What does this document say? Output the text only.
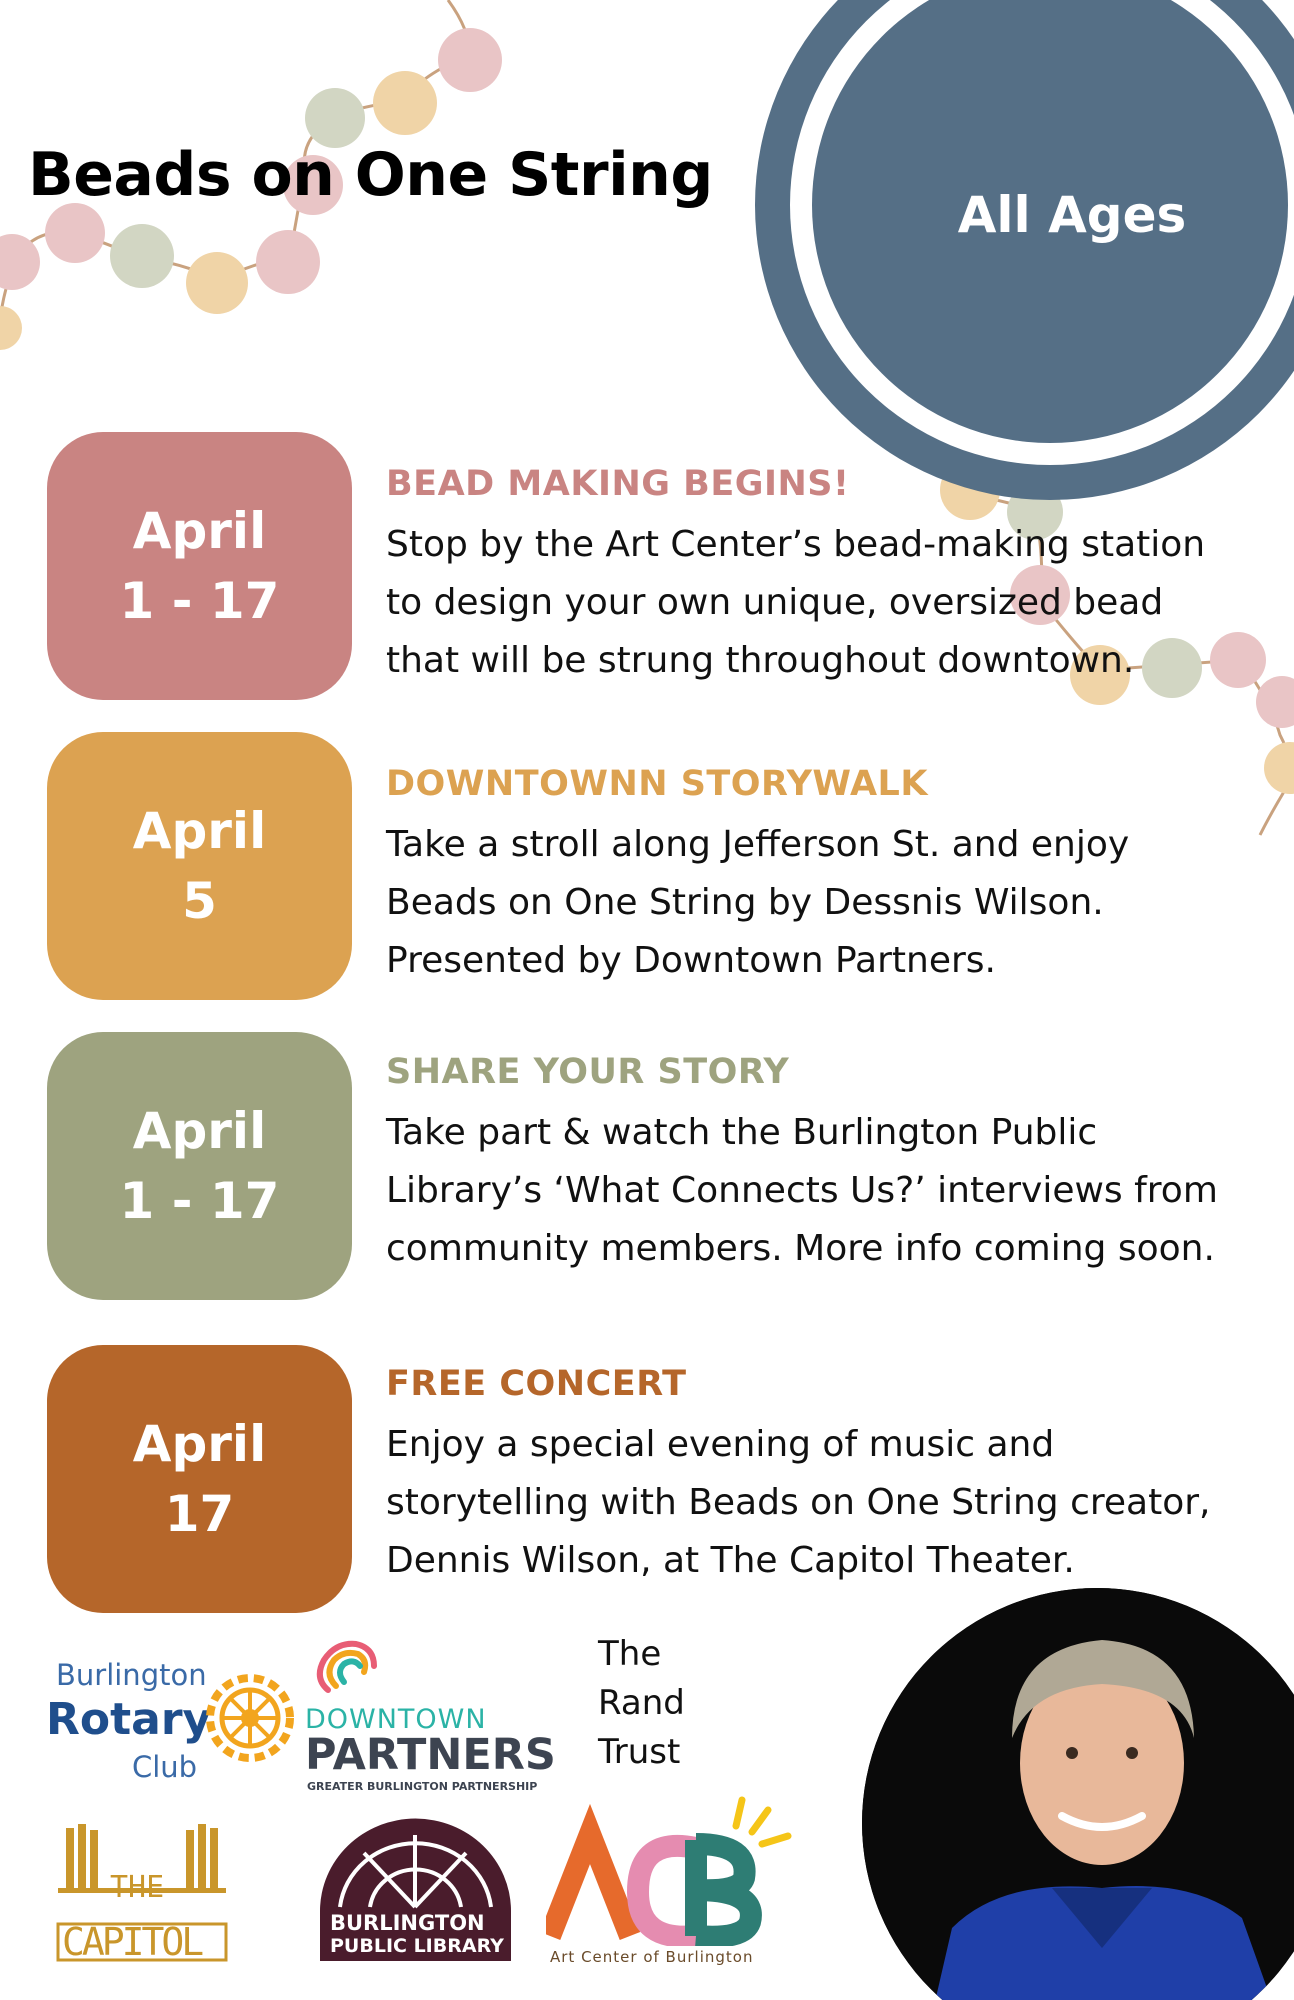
Beads on One String
All Ages
April
1 - 17
BEAD MAKING BEGINS!
Stop by the Art Center’s bead-making station
to design your own unique, oversized bead
that will be strung throughout downtown.
April
5
DOWNTOWNN STORYWALK
Take a stroll along Jefferson St. and enjoy
Beads on One String by Dessnis Wilson.
Presented by Downtown Partners.
April
1 - 17
SHARE YOUR STORY
Take part & watch the Burlington Public
Library’s ‘What Connects Us?’ interviews from
community members. More info coming soon.
April
17
FREE CONCERT
Enjoy a special evening of music and
storytelling with Beads on One String creator,
Dennis Wilson, at The Capitol Theater.
Burlington
Rotary
Club
DOWNTOWN
PARTNERS
GREATER BURLINGTON PARTNERSHIP
The
Rand
Trust
THE
CAPITOL	BURLINGTON
PUBLIC LIBRARY	Art Center of Burlington
